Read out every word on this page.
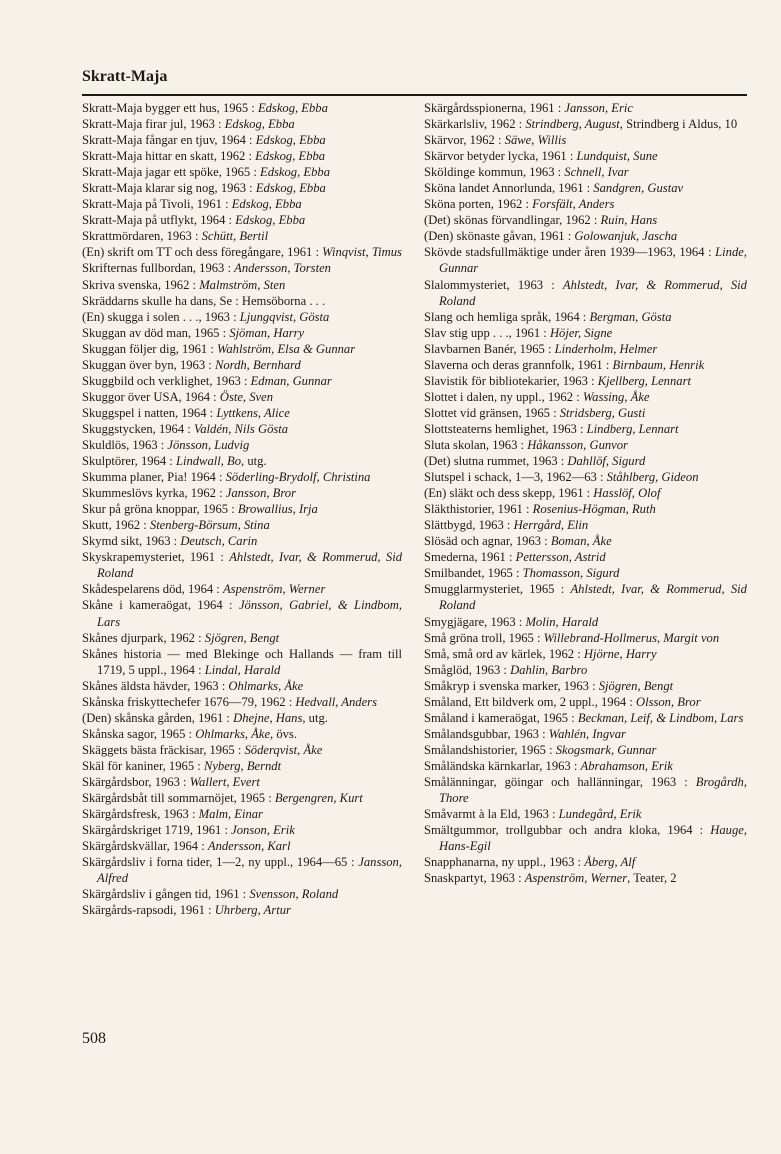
Skratt-Maja

Skratt-Maja bygger ett hus, 1965 : Edskog, Ebba

Skratt-Maja firar jul, 1963 : Edskog, Ebba

Skratt-Maja fångar en tjuv, 1964 : Edskog, Ebba

Skratt-Maja hittar en skatt, 1962 : Edskog, Ebba

Skratt-Maja jagar ett spöke, 1965 : Edskog, Ebba

Skratt-Maja klarar sig nog, 1963 : Edskog, Ebba

Skratt-Maja på Tivoli, 1961 : Edskog, Ebba

Skratt-Maja på utflykt, 1964 : Edskog, Ebba

Skrattmördaren, 1963 : Schütt, Bertil

(En) skrift om TT och dess föregångare, 1961 : Winqvist, Timus

Skrifternas fullbordan, 1963 : Andersson, Torsten

Skriva svenska, 1962 : Malmström, Sten

Skräddarns skulle ha dans, Se : Hemsöborna . . .

(En) skugga i solen . . ., 1963 : Ljungqvist, Gösta

Skuggan av död man, 1965 : Sjöman, Harry

Skuggan följer dig, 1961 : Wahlström, Elsa & Gunnar

Skuggan över byn, 1963 : Nordh, Bernhard

Skuggbild och verklighet, 1963 : Edman, Gunnar

Skuggor över USA, 1964 : Öste, Sven

Skuggspel i natten, 1964 : Lyttkens, Alice

Skuggstycken, 1964 : Valdén, Nils Gösta

Skuldlös, 1963 : Jönsson, Ludvig

Skulptörer, 1964 : Lindwall, Bo, utg.

Skumma planer, Pia! 1964 : Söderling-Brydolf, Christina

Skummeslövs kyrka, 1962 : Jansson, Bror

Skur på gröna knoppar, 1965 : Browallius, Irja

Skutt, 1962 : Stenberg-Börsum, Stina

Skymd sikt, 1963 : Deutsch, Carin

Skyskrapemysteriet, 1961 : Ahlstedt, Ivar, & Rommerud, Sid Roland

Skådespelarens död, 1964 : Aspenström, Werner

Skåne i kameraögat, 1964 : Jönsson, Gabriel, & Lindbom, Lars

Skånes djurpark, 1962 : Sjögren, Bengt

Skånes historia — med Blekinge och Hallands — fram till 1719, 5 uppl., 1964 : Lindal, Harald

Skånes äldsta hävder, 1963 : Ohlmarks, Åke

Skånska friskyttechefer 1676—79, 1962 : Hedvall, Anders

(Den) skånska gården, 1961 : Dhejne, Hans, utg.

Skånska sagor, 1965 : Ohlmarks, Åke, övs.

Skäggets bästa fräckisar, 1965 : Söderqvist, Åke

Skäl för kaniner, 1965 : Nyberg, Berndt

Skärgårdsbor, 1963 : Wallert, Evert

Skärgårdsbåt till sommarnöjet, 1965 : Bergengren, Kurt

Skärgårdsfresk, 1963 : Malm, Einar

Skärgårdskriget 1719, 1961 : Jonson, Erik

Skärgårdskvällar, 1964 : Andersson, Karl

Skärgårdsliv i forna tider, 1—2, ny uppl., 1964—65 : Jansson, Alfred

Skärgårdsliv i gången tid, 1961 : Svensson, Roland

Skärgårds-rapsodi, 1961 : Uhrberg, Artur

Skärgårdsspionerna, 1961 : Jansson, Eric

Skärkarlsliv, 1962 : Strindberg, August, Strindberg i Aldus, 10

Skärvor, 1962 : Säwe, Willis

Skärvor betyder lycka, 1961 : Lundquist, Sune

Sköldinge kommun, 1963 : Schnell, Ivar

Sköna landet Annorlunda, 1961 : Sandgren, Gustav

Sköna porten, 1962 : Forsfält, Anders

(Det) skönas förvandlingar, 1962 : Ruin, Hans

(Den) skönaste gåvan, 1961 : Golowanjuk, Jascha

Skövde stadsfullmäktige under åren 1939—1963, 1964 : Linde, Gunnar

Slalommysteriet, 1963 : Ahlstedt, Ivar, & Rommerud, Sid Roland

Slang och hemliga språk, 1964 : Bergman, Gösta

Slav stig upp . . ., 1961 : Höjer, Signe

Slavbarnen Banér, 1965 : Linderholm, Helmer

Slaverna och deras grannfolk, 1961 : Birnbaum, Henrik

Slavistik för bibliotekarier, 1963 : Kjellberg, Lennart

Slottet i dalen, ny uppl., 1962 : Wassing, Åke

Slottet vid gränsen, 1965 : Stridsberg, Gusti

Slottsteaterns hemlighet, 1963 : Lindberg, Lennart

Sluta skolan, 1963 : Håkansson, Gunvor

(Det) slutna rummet, 1963 : Dahllöf, Sigurd

Slutspel i schack, 1—3, 1962—63 : Ståhlberg, Gideon

(En) släkt och dess skepp, 1961 : Hasslöf, Olof

Släkthistorier, 1961 : Rosenius-Högman, Ruth

Slättbygd, 1963 : Herrgård, Elin

Slösäd och agnar, 1963 : Boman, Åke

Smederna, 1961 : Pettersson, Astrid

Smilbandet, 1965 : Thomasson, Sigurd

Smugglarmysteriet, 1965 : Ahlstedt, Ivar, & Rommerud, Sid Roland

Smygjägare, 1963 : Molin, Harald

Små gröna troll, 1965 : Willebrand-Hollmerus, Margit von

Små, små ord av kärlek, 1962 : Hjörne, Harry

Småglöd, 1963 : Dahlin, Barbro

Småkryp i svenska marker, 1963 : Sjögren, Bengt

Småland, Ett bildverk om, 2 uppl., 1964 : Olsson, Bror

Småland i kameraögat, 1965 : Beckman, Leif, & Lindbom, Lars

Smålandsgubbar, 1963 : Wahlén, Ingvar

Smålandshistorier, 1965 : Skogsmark, Gunnar

Småländska kärnkarlar, 1963 : Abrahamson, Erik

Smålänningar, göingar och hallänningar, 1963 : Brogårdh, Thore

Småvarmt à la Eld, 1963 : Lundegård, Erik

Smältgummor, trollgubbar och andra kloka, 1964 : Hauge, Hans-Egil

Snapphanarna, ny uppl., 1963 : Åberg, Alf

Snaskpartyt, 1963 : Aspenström, Werner, Teater, 2

508
